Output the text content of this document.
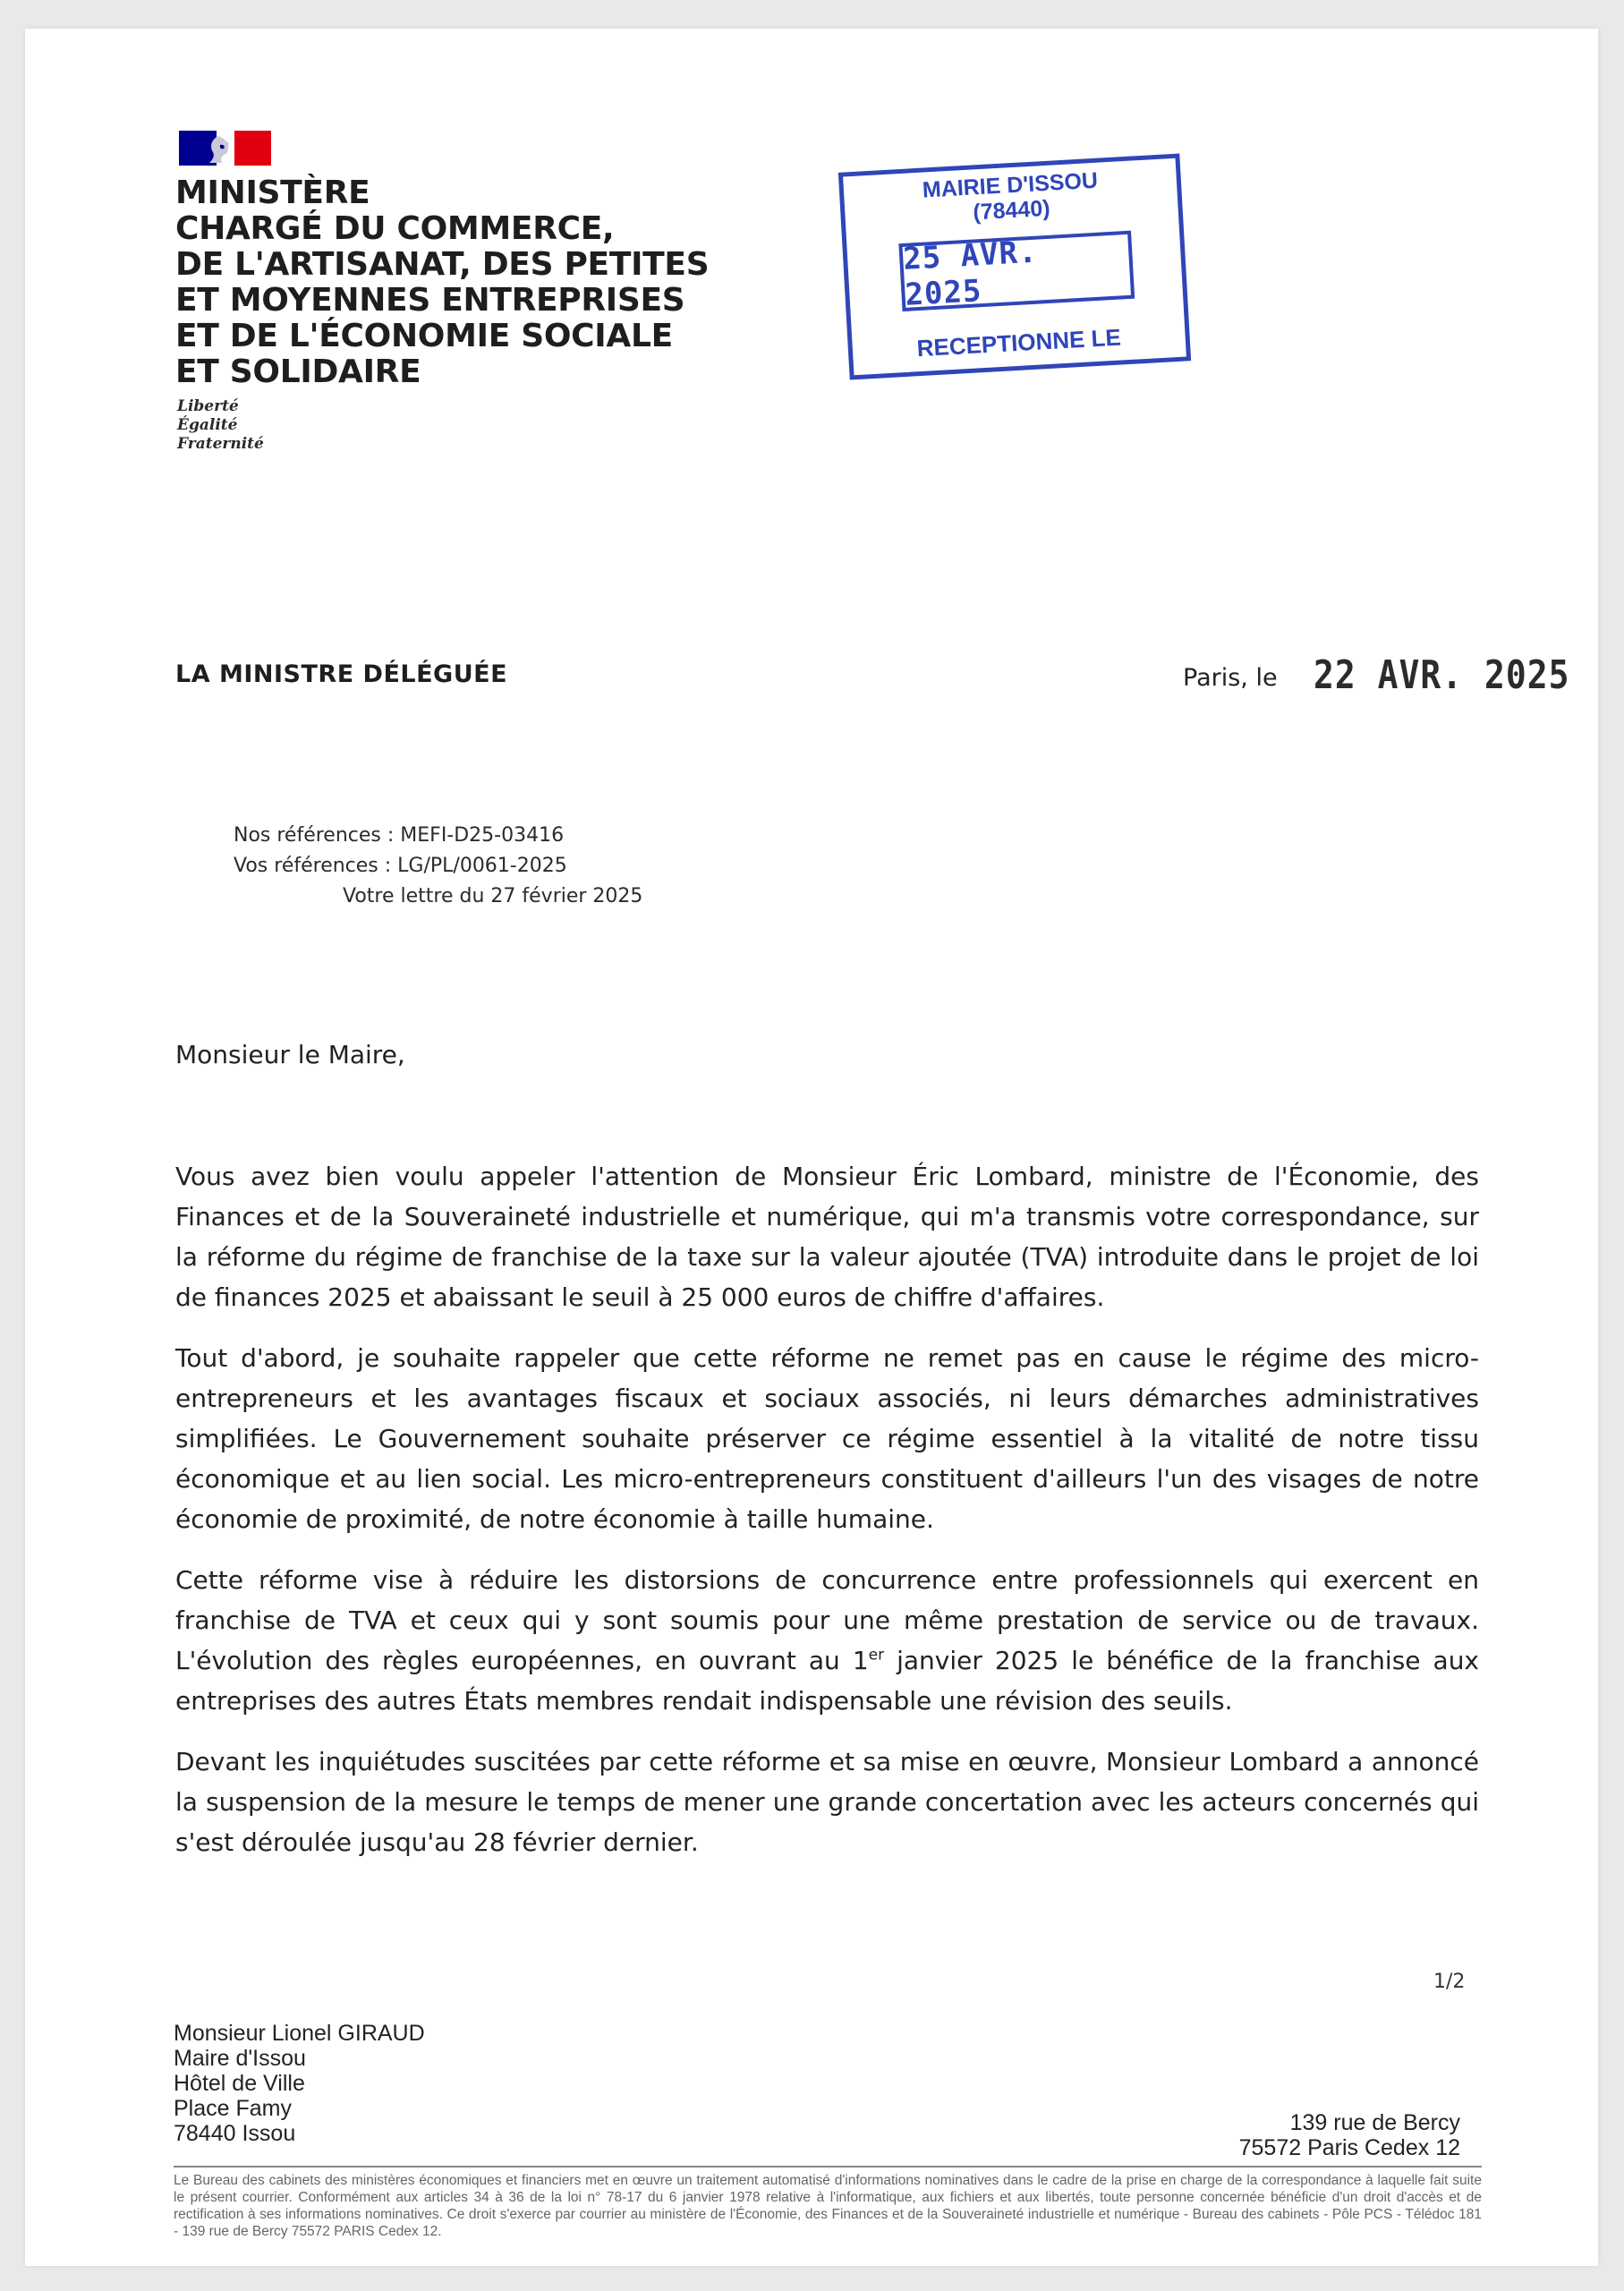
MINISTÈRE
CHARGÉ DU COMMERCE,
DE L'ARTISANAT, DES PETITES
ET MOYENNES ENTREPRISES
ET DE L'ÉCONOMIE SOCIALE
ET SOLIDAIRE
Liberté
Égalité
Fraternité
MAIRIE D'ISSOU
(78440)
25 AVR. 2025
RECEPTIONNE LE
LA MINISTRE DÉLÉGUÉE	Paris, le 22 AVR. 2025
Nos références : MEFI-D25-03416
Vos références : LG/PL/0061-2025
Votre lettre du 27 février 2025
Monsieur le Maire,

Vous avez bien voulu appeler l'attention de Monsieur Éric Lombard, ministre de l'Économie, des Finances et de la Souveraineté industrielle et numérique, qui m'a transmis votre correspondance, sur la réforme du régime de franchise de la taxe sur la valeur ajoutée (TVA) introduite dans le projet de loi de finances 2025 et abaissant le seuil à 25 000 euros de chiffre d'affaires.

Tout d'abord, je souhaite rappeler que cette réforme ne remet pas en cause le régime des micro-entrepreneurs et les avantages fiscaux et sociaux associés, ni leurs démarches administratives simplifiées. Le Gouvernement souhaite préserver ce régime essentiel à la vitalité de notre tissu économique et au lien social. Les micro-entrepreneurs constituent d'ailleurs l'un des visages de notre économie de proximité, de notre économie à taille humaine.

Cette réforme vise à réduire les distorsions de concurrence entre professionnels qui exercent en franchise de TVA et ceux qui y sont soumis pour une même prestation de service ou de travaux. L'évolution des règles européennes, en ouvrant au 1er janvier 2025 le bénéfice de la franchise aux entreprises des autres États membres rendait indispensable une révision des seuils.

Devant les inquiétudes suscitées par cette réforme et sa mise en œuvre, Monsieur Lombard a annoncé la suspension de la mesure le temps de mener une grande concertation avec les acteurs concernés qui s'est déroulée jusqu'au 28 février dernier.

1/2
Monsieur Lionel GIRAUD
Maire d'Issou
Hôtel de Ville
Place Famy
78440 Issou	139 rue de Bercy
75572 Paris Cedex 12
Le Bureau des cabinets des ministères économiques et financiers met en œuvre un traitement automatisé d'informations nominatives dans le cadre de la prise en charge de la correspondance à laquelle fait suite le présent courrier. Conformément aux articles 34 à 36 de la loi n° 78-17 du 6 janvier 1978 relative à l'informatique, aux fichiers et aux libertés, toute personne concernée bénéficie d'un droit d'accès et de rectification à ses informations nominatives. Ce droit s'exerce par courrier au ministère de l'Économie, des Finances et de la Souveraineté industrielle et numérique - Bureau des cabinets - Pôle PCS - Télédoc 181 - 139 rue de Bercy 75572 PARIS Cedex 12.
